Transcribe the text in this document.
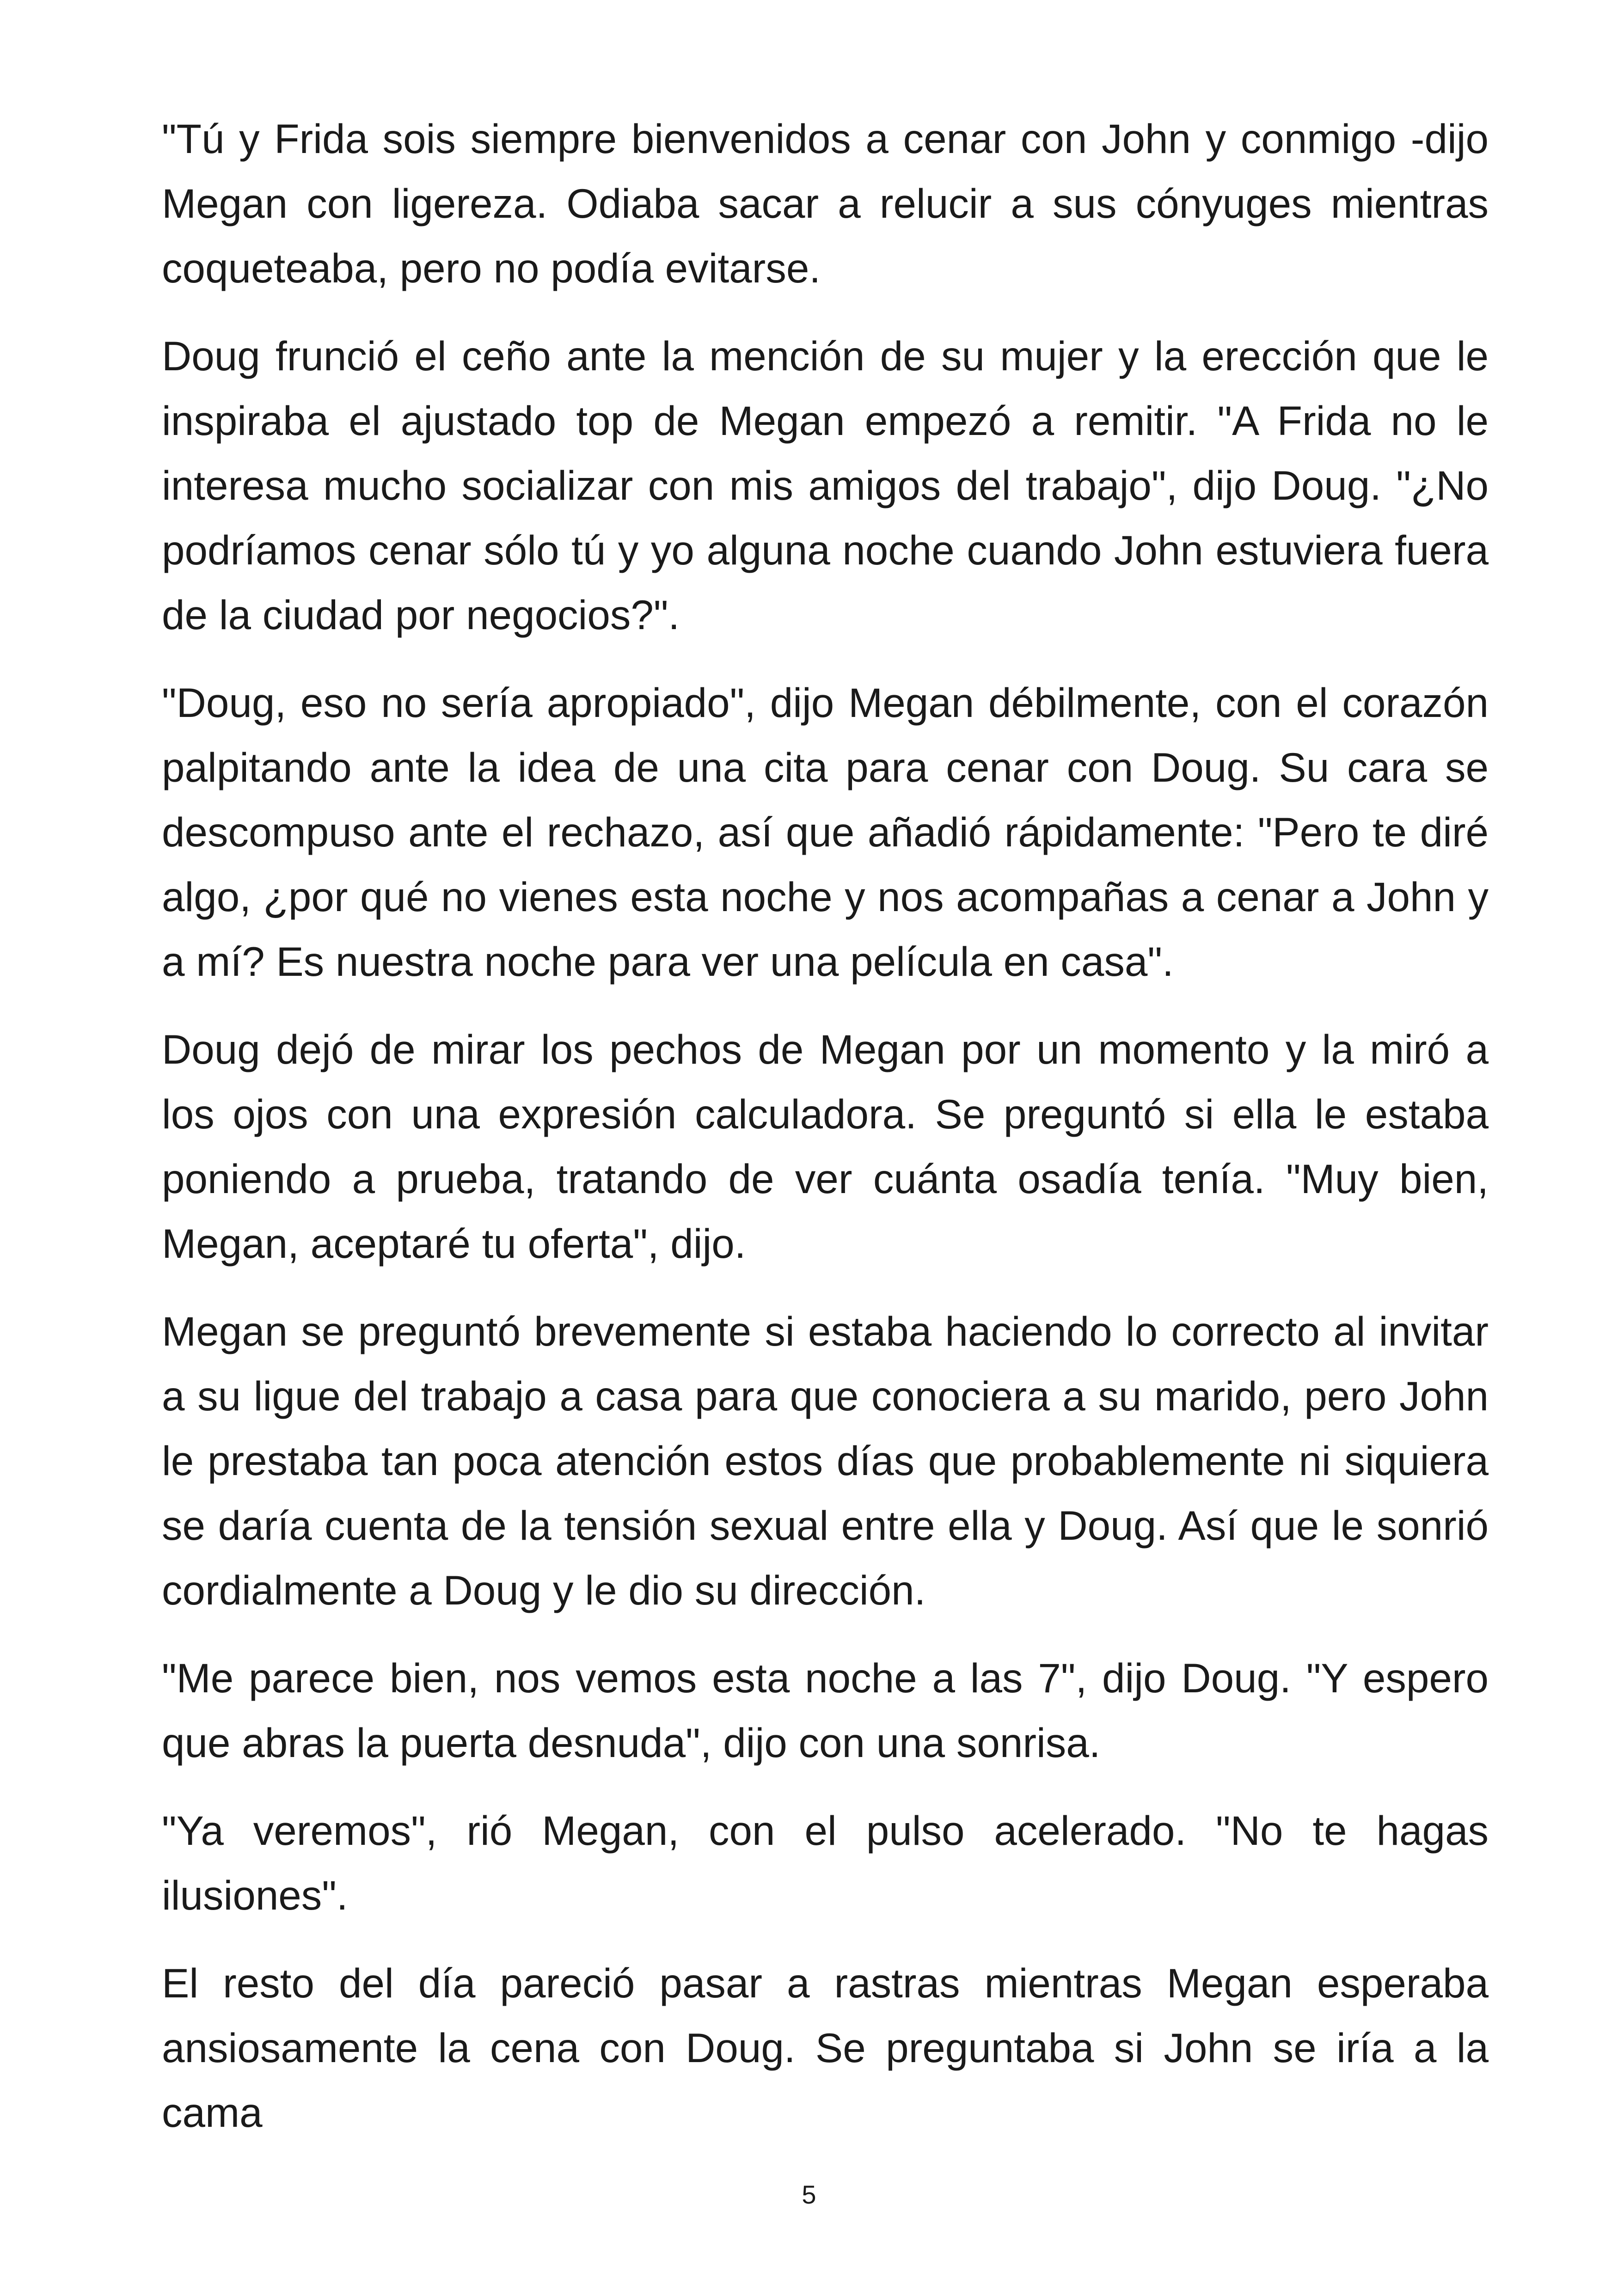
"Tú y Frida sois siempre bienvenidos a cenar con John y conmigo -dijo Megan con ligereza. Odiaba sacar a relucir a sus cónyuges mientras coqueteaba, pero no podía evitarse.

Doug frunció el ceño ante la mención de su mujer y la erección que le inspiraba el ajustado top de Megan empezó a remitir. "A Frida no le interesa mucho socializar con mis amigos del trabajo", dijo Doug. "¿No podríamos cenar sólo tú y yo alguna noche cuando John estuviera fuera de la ciudad por negocios?".

"Doug, eso no sería apropiado", dijo Megan débilmente, con el corazón palpitando ante la idea de una cita para cenar con Doug. Su cara se descompuso ante el rechazo, así que añadió rápidamente: "Pero te diré algo, ¿por qué no vienes esta noche y nos acompañas a cenar a John y a mí? Es nuestra noche para ver una película en casa".

Doug dejó de mirar los pechos de Megan por un momento y la miró a los ojos con una expresión calculadora. Se preguntó si ella le estaba poniendo a prueba, tratando de ver cuánta osadía tenía. "Muy bien, Megan, aceptaré tu oferta", dijo.

Megan se preguntó brevemente si estaba haciendo lo correcto al invitar a su ligue del trabajo a casa para que conociera a su marido, pero John le prestaba tan poca atención estos días que probablemente ni siquiera se daría cuenta de la tensión sexual entre ella y Doug. Así que le sonrió cordialmente a Doug y le dio su dirección.

"Me parece bien, nos vemos esta noche a las 7", dijo Doug. "Y espero que abras la puerta desnuda", dijo con una sonrisa.

"Ya veremos", rió Megan, con el pulso acelerado. "No te hagas ilusiones".

El resto del día pareció pasar a rastras mientras Megan esperaba ansiosamente la cena con Doug. Se preguntaba si John se iría a la cama

5
